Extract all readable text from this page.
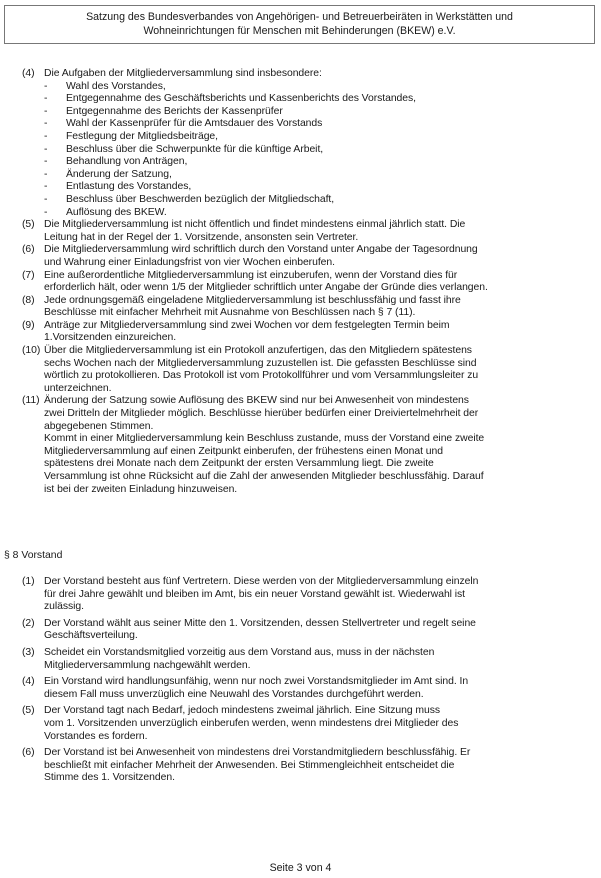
Satzung des Bundesverbandes von Angehörigen- und Betreuerbeiräten in Werkstätten und
Wohneinrichtungen für Menschen mit Behinderungen (BKEW) e.V.
(4) Die Aufgaben der Mitgliederversammlung sind insbesondere:
- Wahl des Vorstandes,
- Entgegennahme des Geschäftsberichts und Kassenberichts des Vorstandes,
- Entgegennahme des Berichts der Kassenprüfer
- Wahl der Kassenprüfer für die Amtsdauer des Vorstands
- Festlegung der Mitgliedsbeiträge,
- Beschluss über die Schwerpunkte für die künftige Arbeit,
- Behandlung von Anträgen,
- Änderung der Satzung,
- Entlastung des Vorstandes,
- Beschluss über Beschwerden bezüglich der Mitgliedschaft,
- Auflösung des BKEW.
(5) Die Mitgliederversammlung ist nicht öffentlich und findet mindestens einmal jährlich statt. Die
Leitung hat in der Regel der 1. Vorsitzende, ansonsten sein Vertreter.
(6) Die Mitgliederversammlung wird schriftlich durch den Vorstand unter Angabe der Tagesordnung
und Wahrung einer Einladungsfrist von vier Wochen einberufen.
(7) Eine außerordentliche Mitgliederversammlung ist einzuberufen, wenn der Vorstand dies für
erforderlich hält, oder wenn 1/5 der Mitglieder schriftlich unter Angabe der Gründe dies verlangen.
(8) Jede ordnungsgemäß eingeladene Mitgliederversammlung ist beschlussfähig und fasst ihre
Beschlüsse mit einfacher Mehrheit mit Ausnahme von Beschlüssen nach § 7 (11).
(9) Anträge zur Mitgliederversammlung sind zwei Wochen vor dem festgelegten Termin beim
1.Vorsitzenden einzureichen.
(10) Über die Mitgliederversammlung ist ein Protokoll anzufertigen, das den Mitgliedern spätestens
sechs Wochen nach der Mitgliederversammlung zuzustellen ist. Die gefassten Beschlüsse sind
wörtlich zu protokollieren. Das Protokoll ist vom Protokollführer und vom Versammlungsleiter zu
unterzeichnen.
(11) Änderung der Satzung sowie Auflösung des BKEW sind nur bei Anwesenheit von mindestens
zwei Dritteln der Mitglieder möglich. Beschlüsse hierüber bedürfen einer Dreiviertelmehrheit der
abgegebenen Stimmen.
Kommt in einer Mitgliederversammlung kein Beschluss zustande, muss der Vorstand eine zweite
Mitgliederversammlung auf einen Zeitpunkt einberufen, der frühestens einen Monat und
spätestens drei Monate nach dem Zeitpunkt der ersten Versammlung liegt. Die zweite
Versammlung ist ohne Rücksicht auf die Zahl der anwesenden Mitglieder beschlussfähig. Darauf
ist bei der zweiten Einladung hinzuweisen.
§ 8 Vorstand
(1) Der Vorstand besteht aus fünf Vertretern. Diese werden von der Mitgliederversammlung einzeln
für drei Jahre gewählt und bleiben im Amt, bis ein neuer Vorstand gewählt ist. Wiederwahl ist
zulässig.
(2) Der Vorstand wählt aus seiner Mitte den 1. Vorsitzenden, dessen Stellvertreter und regelt seine
Geschäftsverteilung.
(3) Scheidet ein Vorstandsmitglied vorzeitig aus dem Vorstand aus, muss in der nächsten
Mitgliederversammlung nachgewählt werden.
(4) Ein Vorstand wird handlungsunfähig, wenn nur noch zwei Vorstandsmitglieder im Amt sind. In
diesem Fall muss unverzüglich eine Neuwahl des Vorstandes durchgeführt werden.
(5) Der Vorstand tagt nach Bedarf, jedoch mindestens zweimal jährlich. Eine Sitzung muss
vom 1. Vorsitzenden unverzüglich einberufen werden, wenn mindestens drei Mitglieder des
Vorstandes es fordern.
(6) Der Vorstand ist bei Anwesenheit von mindestens drei Vorstandmitgliedern beschlussfähig. Er
beschließt mit einfacher Mehrheit der Anwesenden. Bei Stimmengleichheit entscheidet die
Stimme des 1. Vorsitzenden.
Seite 3 von 4
